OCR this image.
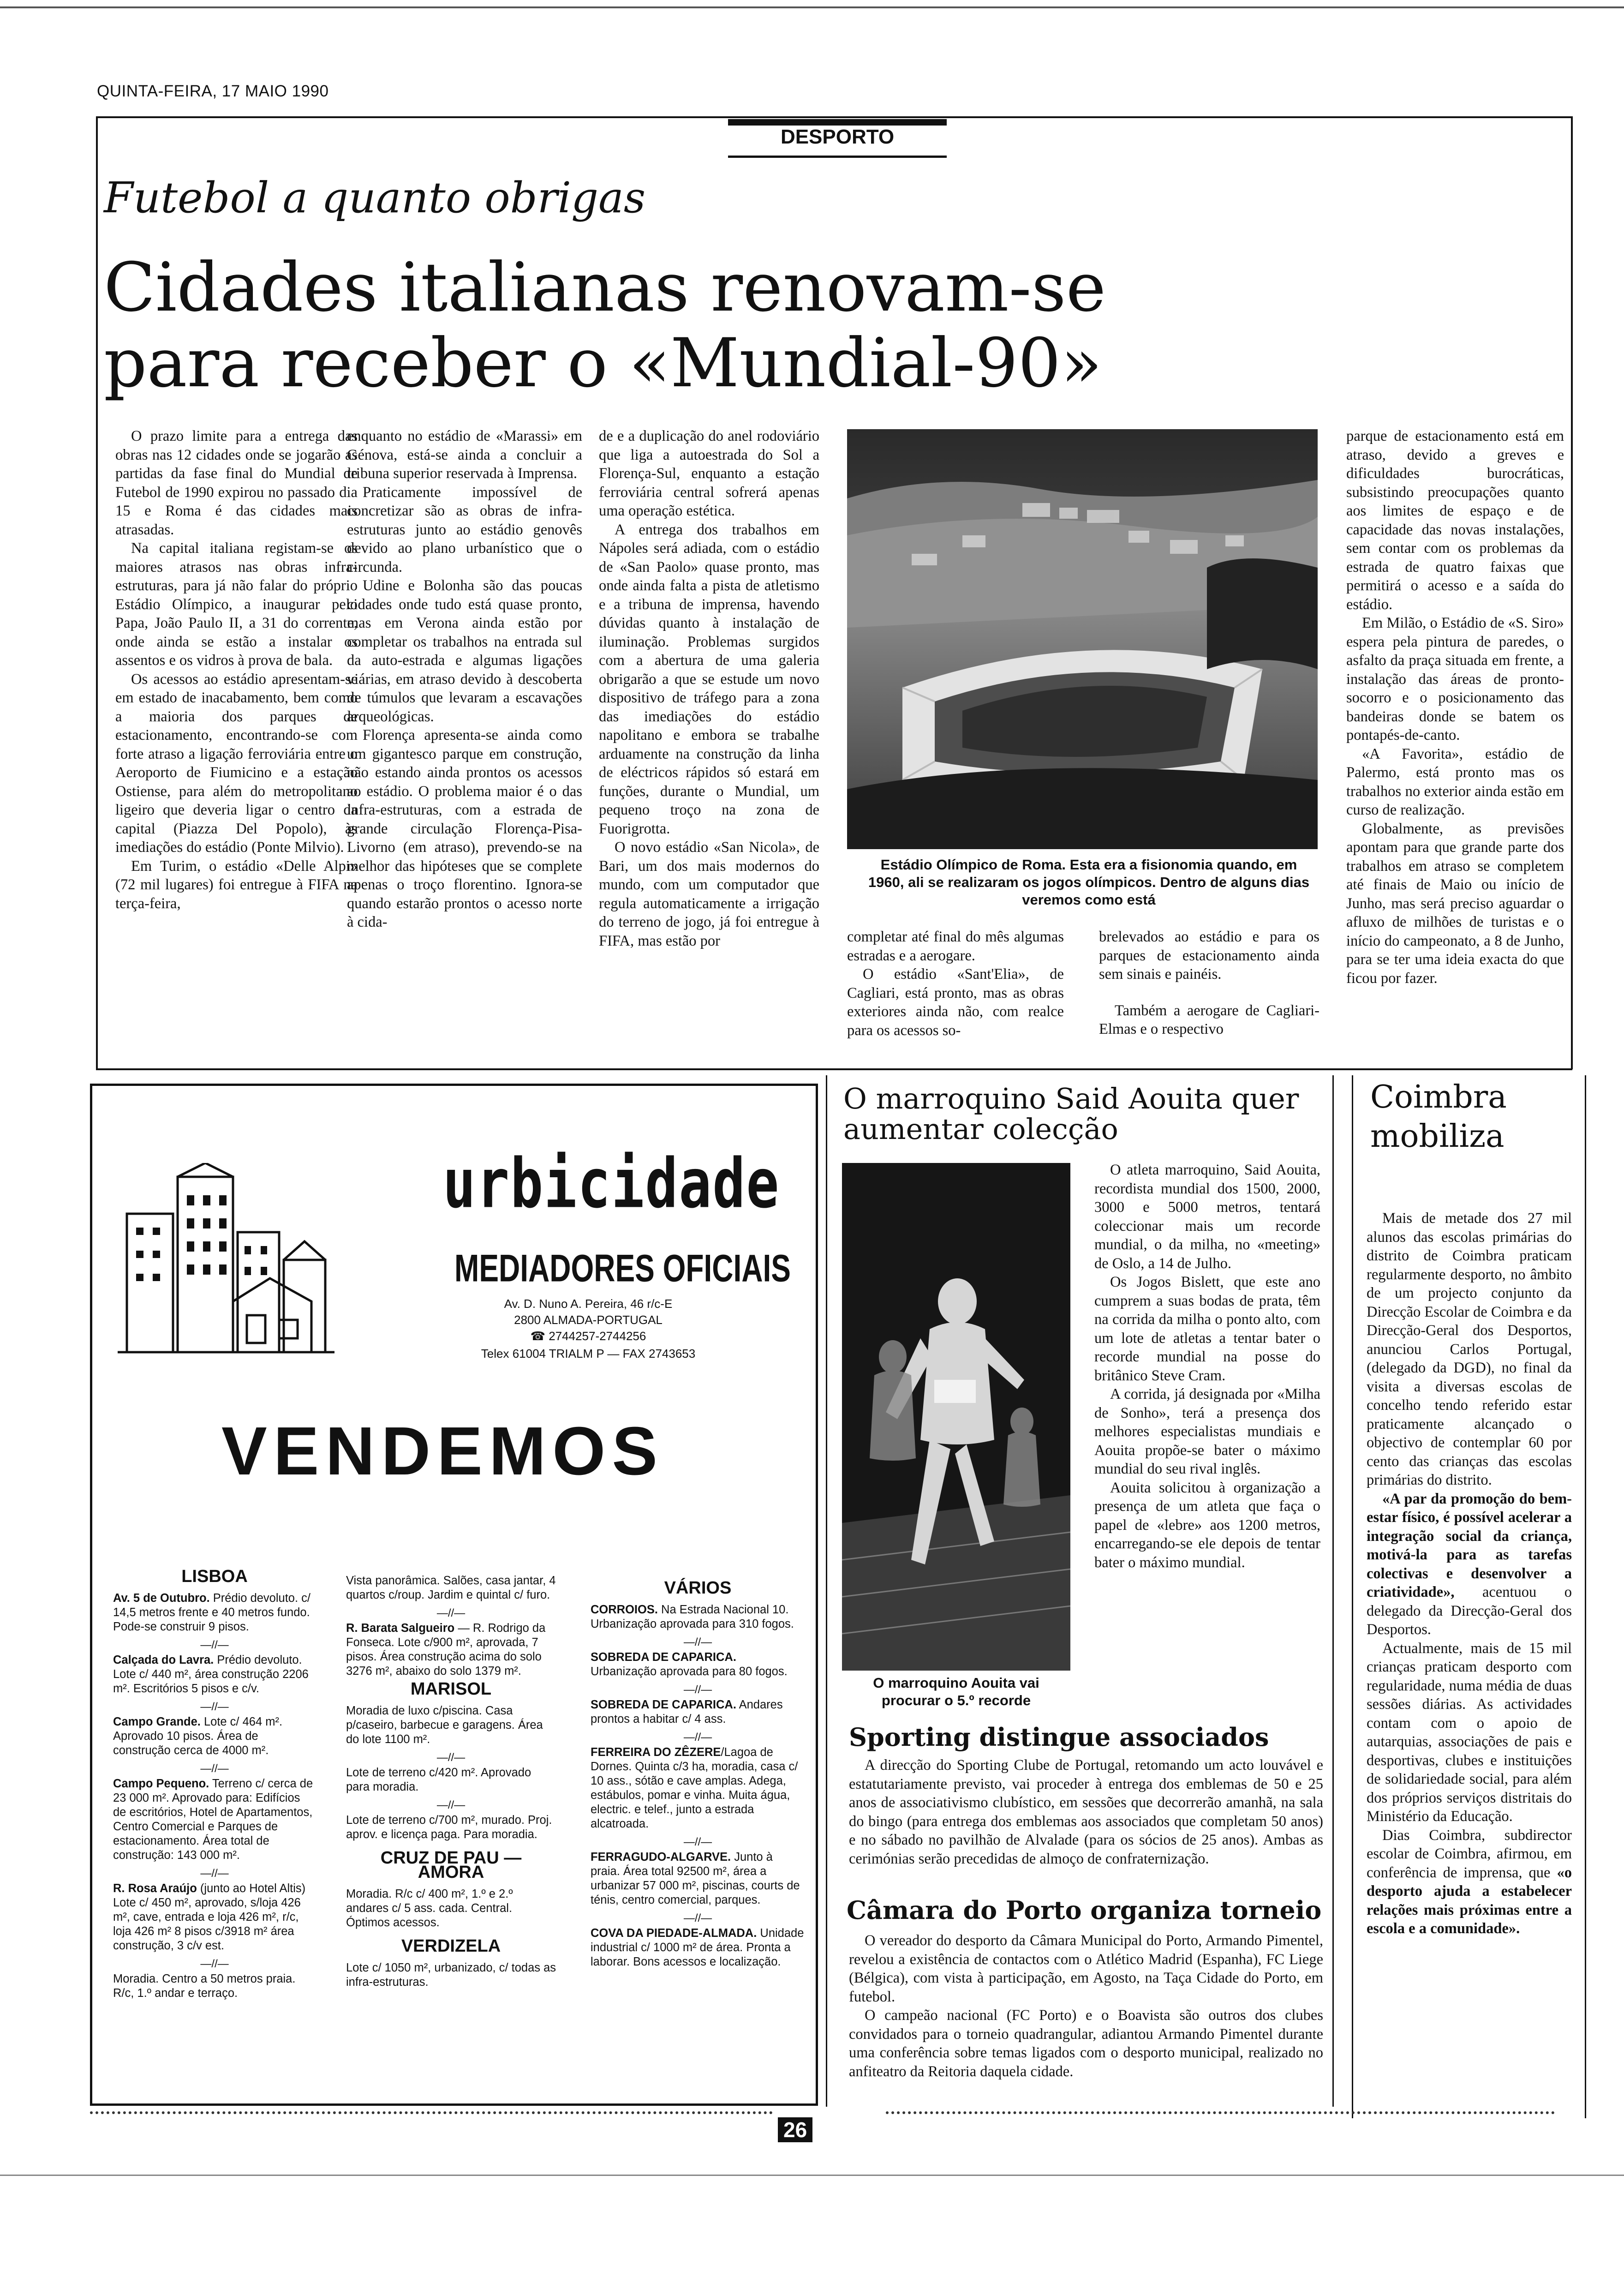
QUINTA-FEIRA, 17 MAIO 1990
DESPORTO
Futebol a quanto obrigas
Cidades italianas renovam-se
para receber o «Mundial-90»

O prazo limite para a entrega das obras nas 12 cidades onde se jogarão as partidas da fase final do Mundial de Futebol de 1990 expirou no passado dia 15 e Roma é das cidades mais atrasadas.

Na capital italiana registam-se os maiores atrasos nas obras infra-estruturas, para já não falar do próprio Estádio Olímpico, a inaugurar pelo Papa, João Paulo II, a 31 do corrente, onde ainda se estão a instalar os assentos e os vidros à prova de bala.

Os acessos ao estádio apresentam-se em estado de inacabamento, bem como a maioria dos parques de estacionamento, encontrando-se com forte atraso a ligação ferroviária entre o Aeroporto de Fiumicino e a estação Ostiense, para além do metropolitano ligeiro que deveria ligar o centro da capital (Piazza Del Popolo), às imediações do estádio (Ponte Milvio).

Em Turim, o estádio «Delle Alpi» (72 mil lugares) foi entregue à FIFA na terça-feira,

enquanto no estádio de «Marassi» em Génova, está-se ainda a concluir a tribuna superior reservada à Imprensa.

Praticamente impossível de concretizar são as obras de infra-estruturas junto ao estádio genovês devido ao plano urbanístico que o circunda.

Udine e Bolonha são das poucas cidades onde tudo está quase pronto, mas em Verona ainda estão por completar os trabalhos na entrada sul da auto-estrada e algumas ligações viárias, em atraso devido à descoberta de túmulos que levaram a escavações arqueológicas.

Florença apresenta-se ainda como um gigantesco parque em construção, não estando ainda prontos os acessos ao estádio. O problema maior é o das infra-estruturas, com a estrada de grande circulação Florença-Pisa-Livorno (em atraso), prevendo-se na melhor das hipóteses que se complete apenas o troço florentino. Ignora-se quando estarão prontos o acesso norte à cida-

de e a duplicação do anel rodoviário que liga a autoestrada do Sol a Florença-Sul, enquanto a estação ferroviária central sofrerá apenas uma operação estética.

A entrega dos trabalhos em Nápoles será adiada, com o estádio de «San Paolo» quase pronto, mas onde ainda falta a pista de atletismo e a tribuna de imprensa, havendo dúvidas quanto à instalação de iluminação. Problemas surgidos com a abertura de uma galeria obrigarão a que se estude um novo dispositivo de tráfego para a zona das imediações do estádio napolitano e embora se trabalhe arduamente na construção da linha de eléctricos rápidos só estará em funções, durante o Mundial, um pequeno troço na zona de Fuorigrotta.

O novo estádio «San Nicola», de Bari, um dos mais modernos do mundo, com um computador que regula automaticamente a irrigação do terreno de jogo, já foi entregue à FIFA, mas estão por

Estádio Olímpico de Roma. Esta era a fisionomia quando, em 1960, ali se realizaram os jogos olímpicos. Dentro de alguns dias veremos como está

completar até final do mês algumas estradas e a aerogare.

O estádio «Sant'Elia», de Cagliari, está pronto, mas as obras exteriores ainda não, com realce para os acessos so-

brelevados ao estádio e para os parques de estacionamento ainda sem sinais e painéis.

Também a aerogare de Cagliari-Elmas e o respectivo

parque de estacionamento está em atraso, devido a greves e dificuldades burocráticas, subsistindo preocupações quanto aos limites de espaço e de capacidade das novas instalações, sem contar com os problemas da estrada de quatro faixas que permitirá o acesso e a saída do estádio.

Em Milão, o Estádio de «S. Siro» espera pela pintura de paredes, o asfalto da praça situada em frente, a instalação das áreas de pronto-socorro e o posicionamento das bandeiras donde se batem os pontapés-de-canto.

«A Favorita», estádio de Palermo, está pronto mas os trabalhos no exterior ainda estão em curso de realização.

Globalmente, as previsões apontam para que grande parte dos trabalhos em atraso se completem até finais de Maio ou início de Junho, mas será preciso aguardar o afluxo de milhões de turistas e o início do campeonato, a 8 de Junho, para se ter uma ideia exacta do que ficou por fazer.

urbicidade
MEDIADORES OFICIAIS
Av. D. Nuno A. Pereira, 46 r/c-E
2800 ALMADA-PORTUGAL
☎ 2744257-2744256
Telex 61004 TRIALM P — FAX 2743653
VENDEMOS
LISBOA
Av. 5 de Outubro. Prédio devoluto. c/ 14,5 metros frente e 40 metros fundo. Pode-se construir 9 pisos.
—//—
Calçada do Lavra. Prédio devoluto. Lote c/ 440 m², área construção 2206 m². Escritórios 5 pisos e c/v.
—//—
Campo Grande. Lote c/ 464 m². Aprovado 10 pisos. Área de construção cerca de 4000 m².
—//—
Campo Pequeno. Terreno c/ cerca de 23 000 m². Aprovado para: Edifícios de escritórios, Hotel de Apartamentos, Centro Comercial e Parques de estacionamento. Área total de construção: 143 000 m².
—//—
R. Rosa Araújo (junto ao Hotel Altis) Lote c/ 450 m², aprovado, s/loja 426 m², cave, entrada e loja 426 m², r/c, loja 426 m² 8 pisos c/3918 m² área construção, 3 c/v est.
—//—
Moradia. Centro a 50 metros praia. R/c, 1.º andar e terraço.
Vista panorâmica. Salões, casa jantar, 4 quartos c/roup. Jardim e quintal c/ furo.
—//—
R. Barata Salgueiro — R. Rodrigo da Fonseca. Lote c/900 m², aprovada, 7 pisos. Área construção acima do solo 3276 m², abaixo do solo 1379 m².
MARISOL
Moradia de luxo c/piscina. Casa p/caseiro, barbecue e garagens. Área do lote 1100 m².
—//—
Lote de terreno c/420 m². Aprovado para moradia.
—//—
Lote de terreno c/700 m², murado. Proj. aprov. e licença paga. Para moradia.
CRUZ DE PAU — AMORA
Moradia. R/c c/ 400 m², 1.º e 2.º andares c/ 5 ass. cada. Central. Óptimos acessos.
VERDIZELA
Lote c/ 1050 m², urbanizado, c/ todas as infra-estruturas.
VÁRIOS
CORROIOS. Na Estrada Nacional 10. Urbanização aprovada para 310 fogos.
—//—
SOBREDA DE CAPARICA. Urbanização aprovada para 80 fogos.
—//—
SOBREDA DE CAPARICA. Andares prontos a habitar c/ 4 ass.
—//—
FERREIRA DO ZÊZERE/Lagoa de Dornes. Quinta c/3 ha, moradia, casa c/ 10 ass., sótão e cave amplas. Adega, estábulos, pomar e vinha. Muita água, electric. e telef., junto a estrada alcatroada.
—//—
FERRAGUDO-ALGARVE. Junto à praia. Área total 92500 m², área a urbanizar 57 000 m², piscinas, courts de ténis, centro comercial, parques.
—//—
COVA DA PIEDADE-ALMADA. Unidade industrial c/ 1000 m² de área. Pronta a laborar. Bons acessos e localização.
O marroquino Said Aouita quer aumentar colecção
O marroquino Aouita vai procurar o 5.º recorde

O atleta marroquino, Said Aouita, recordista mundial dos 1500, 2000, 3000 e 5000 metros, tentará coleccionar mais um recorde mundial, o da milha, no «meeting» de Oslo, a 14 de Julho.

Os Jogos Bislett, que este ano cumprem a suas bodas de prata, têm na corrida da milha o ponto alto, com um lote de atletas a tentar bater o recorde mundial na posse do britânico Steve Cram.

A corrida, já designada por «Milha de Sonho», terá a presença dos melhores especialistas mundiais e Aouita propõe-se bater o máximo mundial do seu rival inglês.

Aouita solicitou à organização a presença de um atleta que faça o papel de «lebre» aos 1200 metros, encarregando-se ele depois de tentar bater o máximo mundial.

Sporting distingue associados

A direcção do Sporting Clube de Portugal, retomando um acto louvável e estatutariamente previsto, vai proceder à entrega dos emblemas de 50 e 25 anos de associativismo clubístico, em sessões que decorrerão amanhã, na sala do bingo (para entrega dos emblemas aos associados que completam 50 anos) e no sábado no pavilhão de Alvalade (para os sócios de 25 anos). Ambas as cerimónias serão precedidas de almoço de confraternização.

Câmara do Porto organiza torneio

O vereador do desporto da Câmara Municipal do Porto, Armando Pimentel, revelou a existência de contactos com o Atlético Madrid (Espanha), FC Liege (Bélgica), com vista à participação, em Agosto, na Taça Cidade do Porto, em futebol.

O campeão nacional (FC Porto) e o Boavista são outros dos clubes convidados para o torneio quadrangular, adiantou Armando Pimentel durante uma conferência sobre temas ligados com o desporto municipal, realizado no anfiteatro da Reitoria daquela cidade.

Coimbra
mobiliza

Mais de metade dos 27 mil alunos das escolas primárias do distrito de Coimbra praticam regularmente desporto, no âmbito de um projecto conjunto da Direcção Escolar de Coimbra e da Direcção-Geral dos Desportos, anunciou Carlos Portugal, (delegado da DGD), no final da visita a diversas escolas de concelho tendo referido estar praticamente alcançado o objectivo de contemplar 60 por cento das crianças das escolas primárias do distrito.

«A par da promoção do bem-estar físico, é possível acelerar a integração social da criança, motivá-la para as tarefas colectivas e desenvolver a criatividade», acentuou o delegado da Direcção-Geral dos Desportos.

Actualmente, mais de 15 mil crianças praticam desporto com regularidade, numa média de duas sessões diárias. As actividades contam com o apoio de autarquias, associações de pais e desportivas, clubes e instituições de solidariedade social, para além dos próprios serviços distritais do Ministério da Educação.

Dias Coimbra, subdirector escolar de Coimbra, afirmou, em conferência de imprensa, que «o desporto ajuda a estabelecer relações mais próximas entre a escola e a comunidade».

26
